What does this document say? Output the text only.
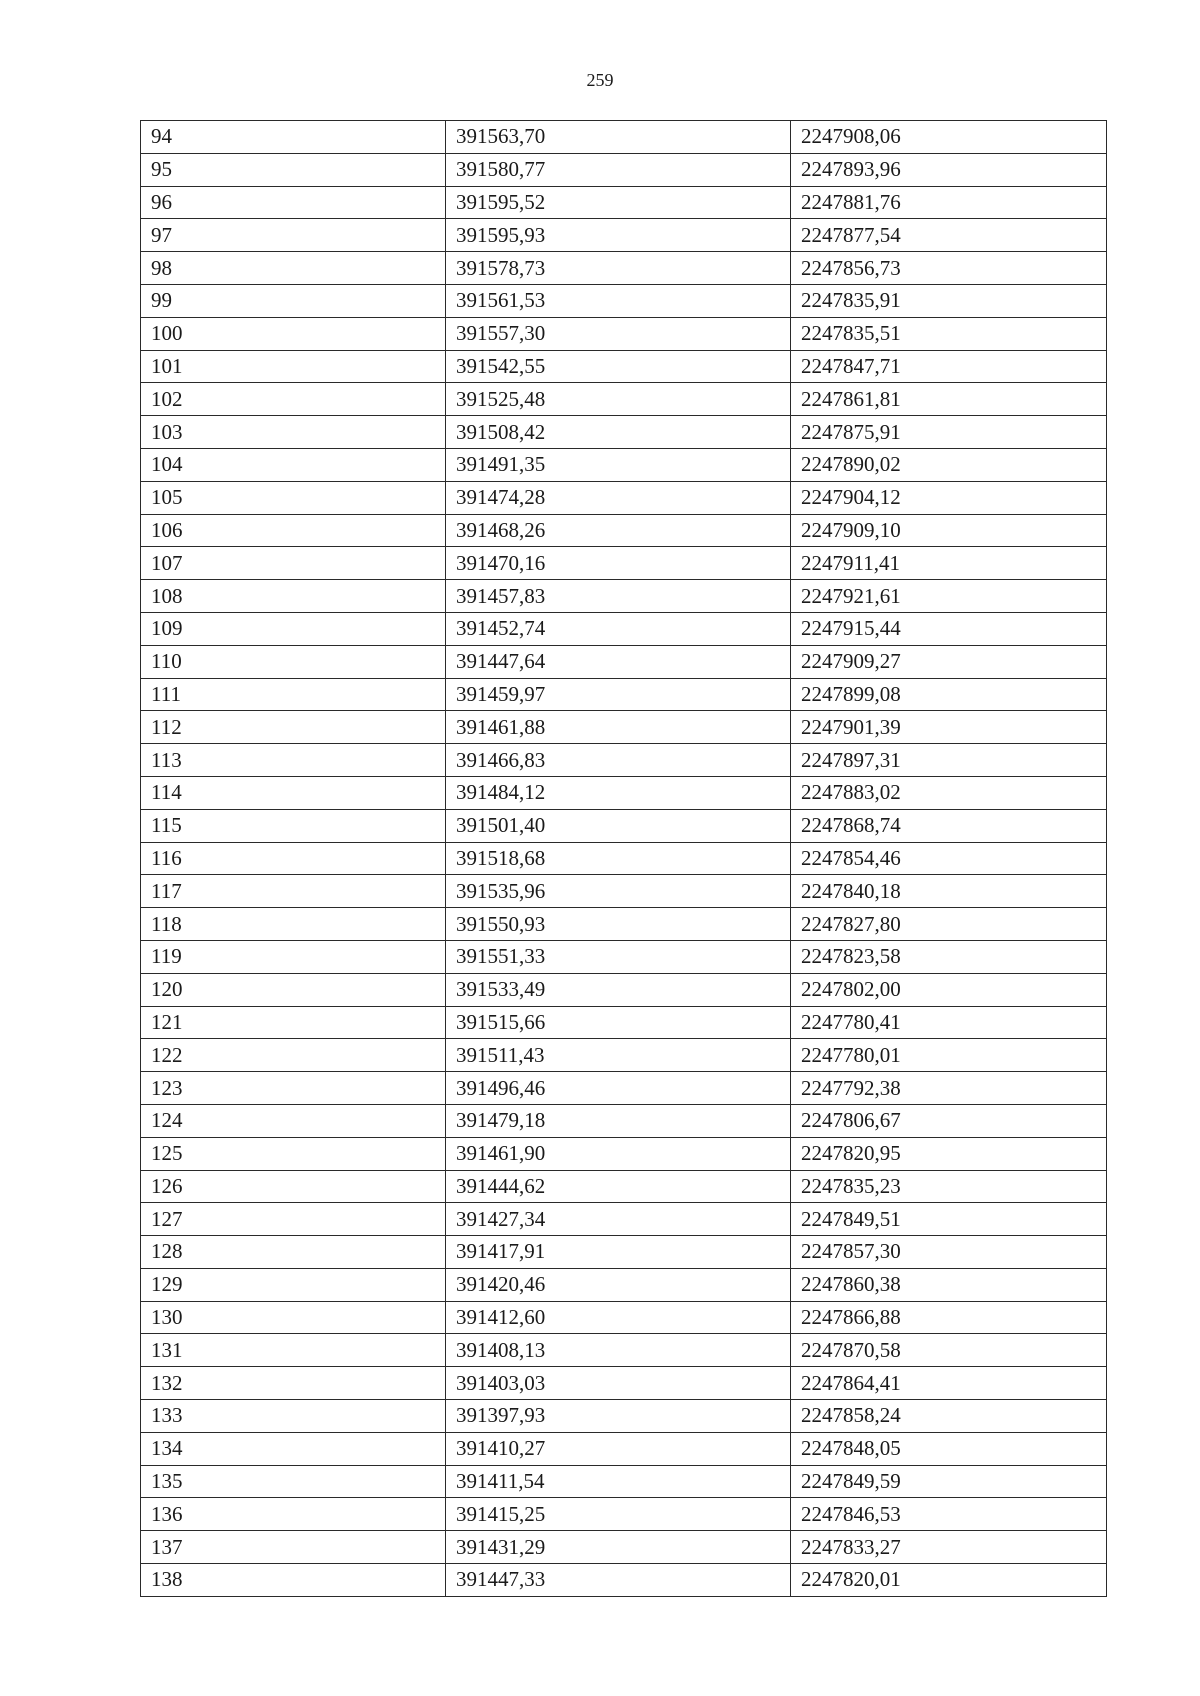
259
94	391563,70	2247908,06
95	391580,77	2247893,96
96	391595,52	2247881,76
97	391595,93	2247877,54
98	391578,73	2247856,73
99	391561,53	2247835,91
100	391557,30	2247835,51
101	391542,55	2247847,71
102	391525,48	2247861,81
103	391508,42	2247875,91
104	391491,35	2247890,02
105	391474,28	2247904,12
106	391468,26	2247909,10
107	391470,16	2247911,41
108	391457,83	2247921,61
109	391452,74	2247915,44
110	391447,64	2247909,27
111	391459,97	2247899,08
112	391461,88	2247901,39
113	391466,83	2247897,31
114	391484,12	2247883,02
115	391501,40	2247868,74
116	391518,68	2247854,46
117	391535,96	2247840,18
118	391550,93	2247827,80
119	391551,33	2247823,58
120	391533,49	2247802,00
121	391515,66	2247780,41
122	391511,43	2247780,01
123	391496,46	2247792,38
124	391479,18	2247806,67
125	391461,90	2247820,95
126	391444,62	2247835,23
127	391427,34	2247849,51
128	391417,91	2247857,30
129	391420,46	2247860,38
130	391412,60	2247866,88
131	391408,13	2247870,58
132	391403,03	2247864,41
133	391397,93	2247858,24
134	391410,27	2247848,05
135	391411,54	2247849,59
136	391415,25	2247846,53
137	391431,29	2247833,27
138	391447,33	2247820,01
